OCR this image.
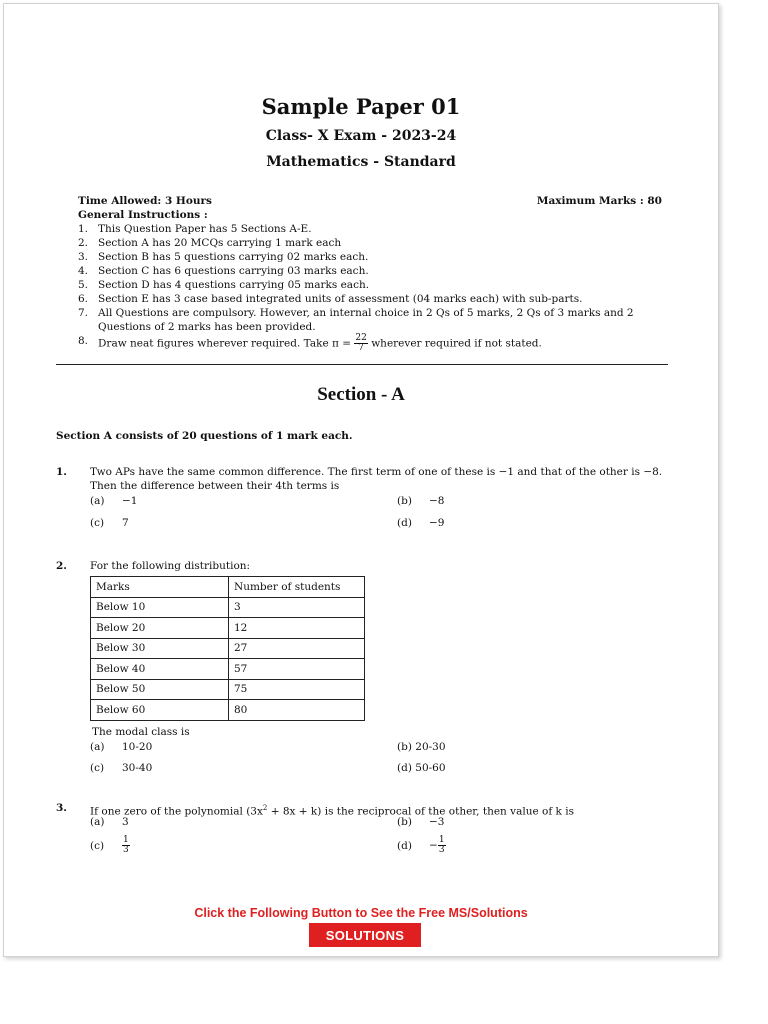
Sample Paper 01
Class- X Exam - 2023-24
Mathematics - Standard
Time Allowed: 3 Hours	Maximum Marks : 80
General Instructions :
1. This Question Paper has 5 Sections A-E.
2. Section A has 20 MCQs carrying 1 mark each
3. Section B has 5 questions carrying 02 marks each.
4. Section C has 6 questions carrying 03 marks each.
5. Section D has 4 questions carrying 05 marks each.
6. Section E has 3 case based integrated units of assessment (04 marks each) with sub-parts.
7. All Questions are compulsory. However, an internal choice in 2 Qs of 5 marks, 2 Qs of 3 marks and 2 Questions of 2 marks has been provided.
8. Draw neat figures wherever required. Take $\pi = \frac{22}{7}$ wherever required if not stated.
Section - A
Section A consists of 20 questions of 1 mark each.
1. Two APs have the same common difference. The first term of one of these is −1 and that of the other is −8. Then the difference between their 4th terms is
(a) −1	(b) −8
(c) 7	(d) −9
2. For the following distribution:
Marks	Number of students
Below 10	3
Below 20	12
Below 30	27
Below 40	57
Below 50	75
Below 60	80
The modal class is
(a) 10-20	(b) 20-30
(c) 30-40	(d) 50-60
3. If one zero of the polynomial $(3x^2 + 8x + k)$ is the reciprocal of the other, then value of k is
(a) 3	(b) −3
$(c) \frac{1}{3}$	$(d) - \frac{1}{3}$
Click the Following Button to See the Free MS/Solutions
SOLUTIONS
